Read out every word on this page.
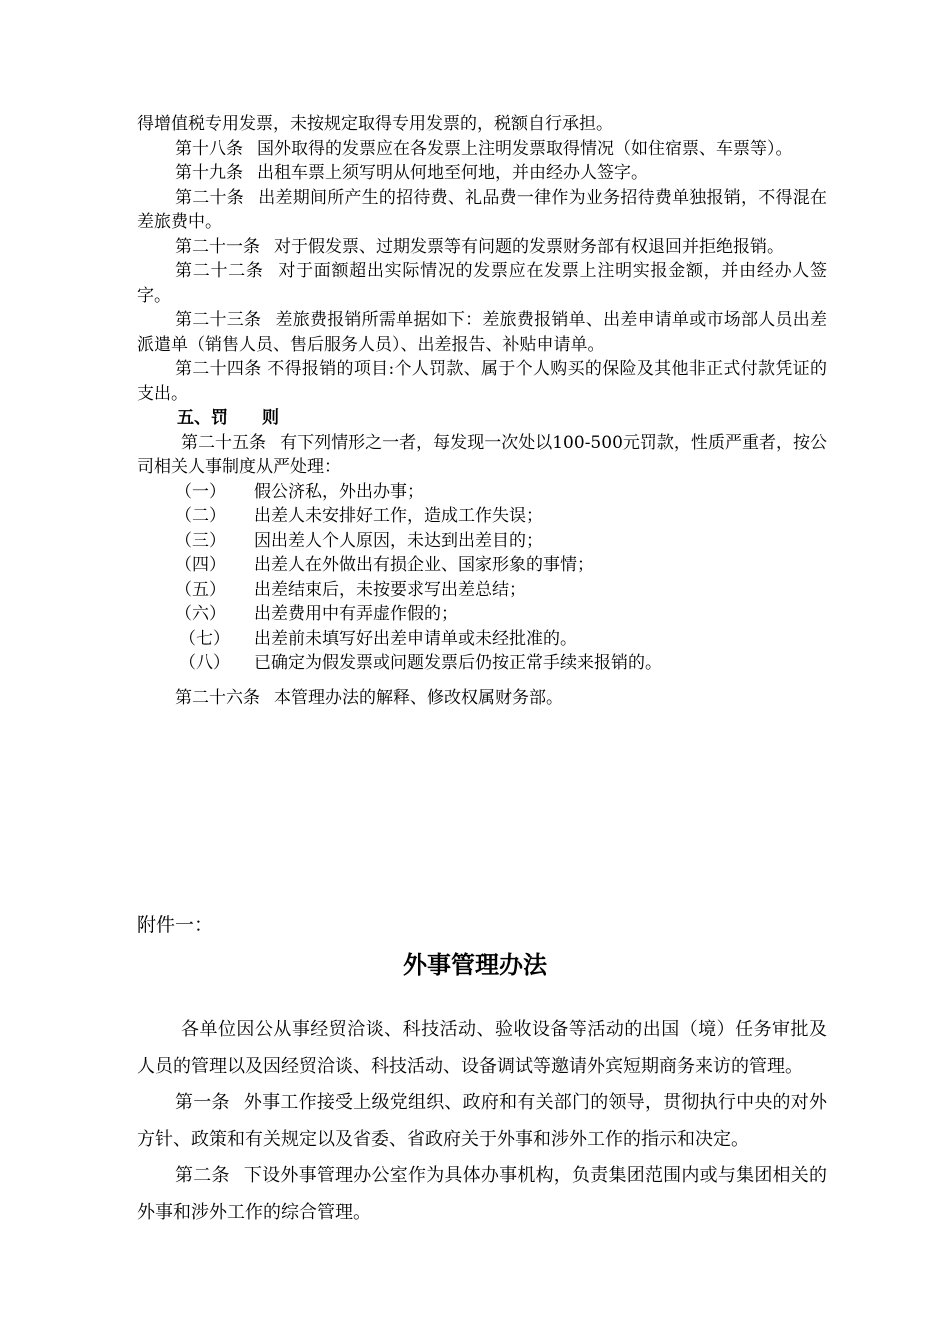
得增值税专用发票，未按规定取得专用发票的，税额自行承担。

第十八条 国外取得的发票应在各发票上注明发票取得情况（如住宿票、车票等）。

第十九条 出租车票上须写明从何地至何地，并由经办人签字。

第二十条 出差期间所产生的招待费、礼品费一律作为业务招待费单独报销，不得混在差旅费中。

第二十一条 对于假发票、过期发票等有问题的发票财务部有权退回并拒绝报销。

第二十二条 对于面额超出实际情况的发票应在发票上注明实报金额，并由经办人签字。

第二十三条 差旅费报销所需单据如下：差旅费报销单、出差申请单或市场部人员出差派遣单（销售人员、售后服务人员）、出差报告、补贴申请单。

第二十四条 不得报销的项目:个人罚款、属于个人购买的保险及其他非正式付款凭证的支出。

五、罚 则

第二十五条 有下列情形之一者，每发现一次处以100-500元罚款，性质严重者，按公司相关人事制度从严处理：

（一）	假公济私，外出办事；
（二）	出差人未安排好工作，造成工作失误；
（三）	因出差人个人原因，未达到出差目的；
（四）	出差人在外做出有损企业、国家形象的事情；
（五）	出差结束后，未按要求写出差总结；
（六）	出差费用中有弄虚作假的；
（七）	出差前未填写好出差申请单或未经批准的。
（八）	已确定为假发票或问题发票后仍按正常手续来报销的。

第二十六条 本管理办法的解释、修改权属财务部。

附件一：
外事管理办法

各单位因公从事经贸洽谈、科技活动、验收设备等活动的出国（境）任务审批及人员的管理以及因经贸洽谈、科技活动、设备调试等邀请外宾短期商务来访的管理。

第一条 外事工作接受上级党组织、政府和有关部门的领导，贯彻执行中央的对外方针、政策和有关规定以及省委、省政府关于外事和涉外工作的指示和决定。

第二条 下设外事管理办公室作为具体办事机构，负责集团范围内或与集团相关的外事和涉外工作的综合管理。
